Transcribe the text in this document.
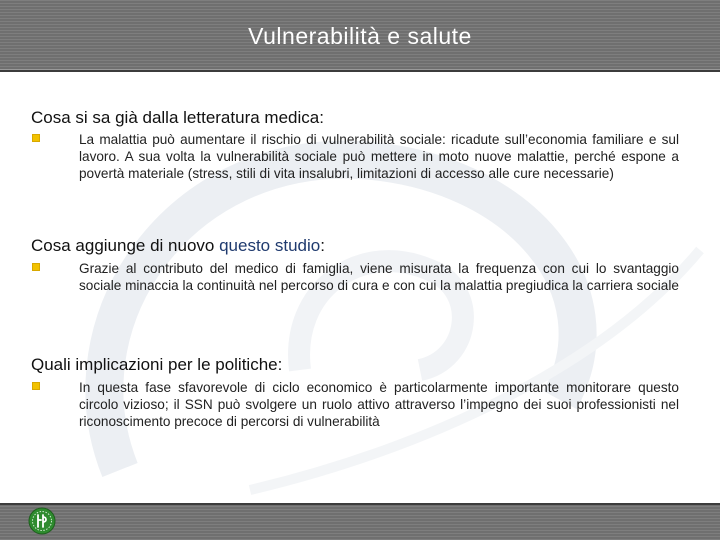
Vulnerabilità e salute
Cosa si sa già dalla letteratura medica:
La malattia può aumentare il rischio di vulnerabilità sociale: ricadute sull’economia familiare e sul lavoro. A sua volta la vulnerabilità sociale può mettere in moto nuove malattie, perché espone a povertà materiale (stress, stili di vita insalubri, limitazioni di accesso alle cure necessarie)
Cosa aggiunge di nuovo questo studio:
Grazie al contributo del medico di famiglia, viene misurata la frequenza con cui lo svantaggio sociale minaccia la continuità nel percorso di cura e con cui la malattia pregiudica la carriera sociale
Quali implicazioni per le politiche:
In questa fase sfavorevole di ciclo economico è particolarmente importante monitorare questo circolo vizioso; il SSN può svolgere un ruolo attivo attraverso l’impegno dei suoi professionisti nel riconoscimento precoce di percorsi di vulnerabilità
